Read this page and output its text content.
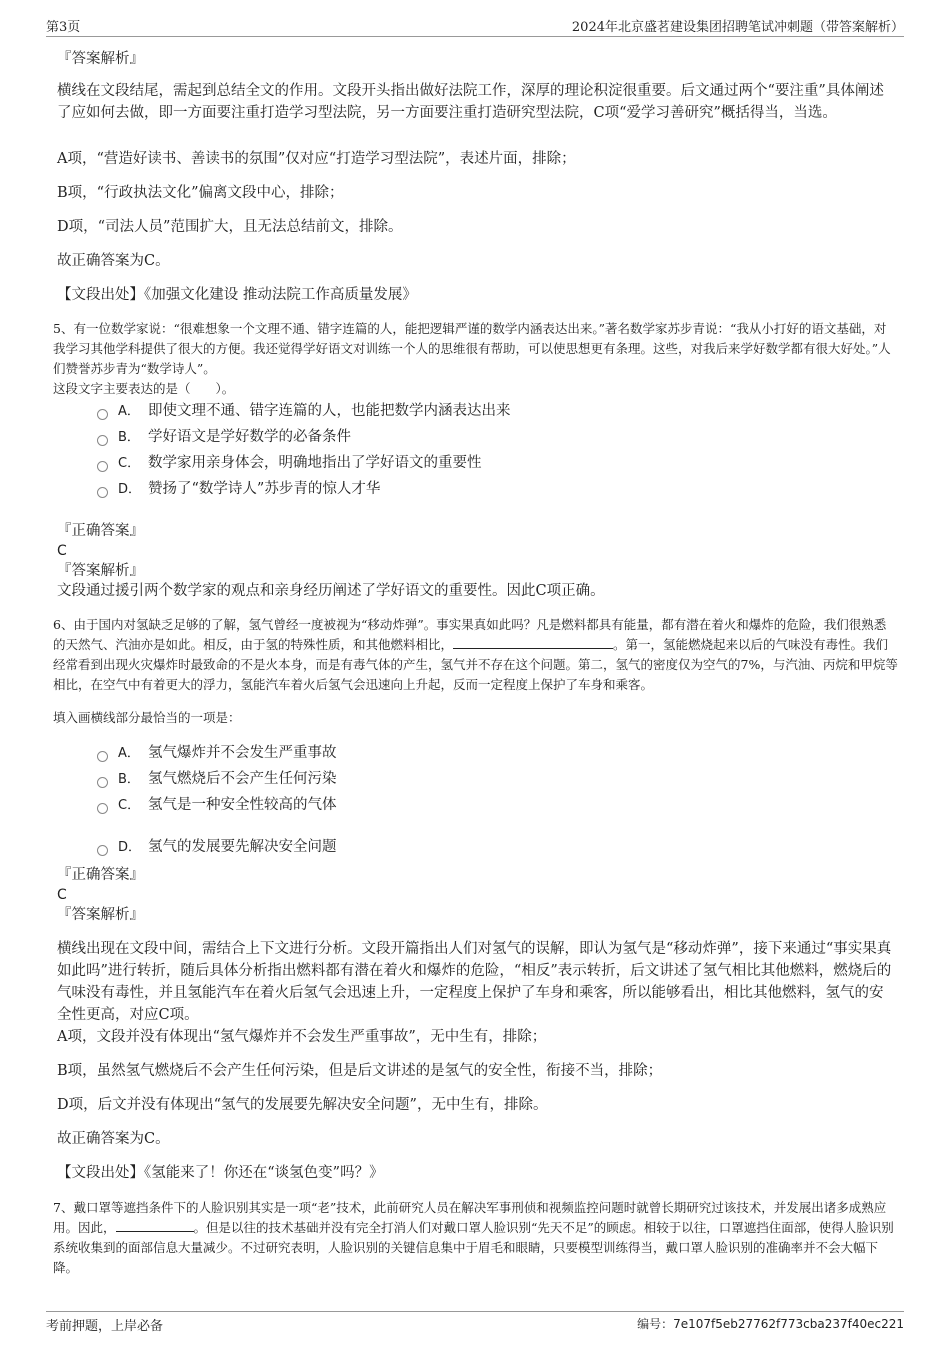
第3页	2024年北京盛茗建设集团招聘笔试冲刺题（带答案解析）
『答案解析』
横线在文段结尾，需起到总结全文的作用。文段开头指出做好法院工作，深厚的理论积淀很重要。后文通过两个“要注重”具体阐述了应如何去做，即一方面要注重打造学习型法院，另一方面要注重打造研究型法院，C项“爱学习善研究”概括得当，当选。
A项，“营造好读书、善读书的氛围”仅对应“打造学习型法院”，表述片面，排除；
B项，“行政执法文化”偏离文段中心，排除；
D项，“司法人员”范围扩大，且无法总结前文，排除。
故正确答案为C。
【文段出处】《加强文化建设 推动法院工作高质量发展》
5、有一位数学家说：“很难想象一个文理不通、错字连篇的人，能把逻辑严谨的数学内涵表达出来。”著名数学家苏步青说：“我从小打好的语文基础，对我学习其他学科提供了很大的方便。我还觉得学好语文对训练一个人的思维很有帮助，可以使思想更有条理。这些，对我后来学好数学都有很大好处。”人们赞誉苏步青为“数学诗人”。
这段文字主要表达的是（　　）。
A． 即使文理不通、错字连篇的人，也能把数学内涵表达出来
B． 学好语文是学好数学的必备条件
C． 数学家用亲身体会，明确地指出了学好语文的重要性
D． 赞扬了“数学诗人”苏步青的惊人才华
『正确答案』
C
『答案解析』
文段通过援引两个数学家的观点和亲身经历阐述了学好语文的重要性。因此C项正确。
6、由于国内对氢缺乏足够的了解，氢气曾经一度被视为“移动炸弹”。事实果真如此吗？凡是燃料都具有能量，都有潜在着火和爆炸的危险，我们很熟悉的天然气、汽油亦是如此。相反，由于氢的特殊性质，和其他燃料相比，	。第一，氢能燃烧起来以后的气味没有毒性。我们经常看到出现火灾爆炸时最致命的不是火本身，而是有毒气体的产生，氢气并不存在这个问题。第二，氢气的密度仅为空气的7%，与汽油、丙烷和甲烷等相比，在空气中有着更大的浮力，氢能汽车着火后氢气会迅速向上升起，反而一定程度上保护了车身和乘客。
填入画横线部分最恰当的一项是：
A． 氢气爆炸并不会发生严重事故
B． 氢气燃烧后不会产生任何污染
C． 氢气是一种安全性较高的气体
D． 氢气的发展要先解决安全问题
『正确答案』
C
『答案解析』
横线出现在文段中间，需结合上下文进行分析。文段开篇指出人们对氢气的误解，即认为氢气是“移动炸弹”，接下来通过“事实果真如此吗”进行转折，随后具体分析指出燃料都有潜在着火和爆炸的危险，“相反”表示转折，后文讲述了氢气相比其他燃料，燃烧后的气味没有毒性，并且氢能汽车在着火后氢气会迅速上升，一定程度上保护了车身和乘客，所以能够看出，相比其他燃料，氢气的安全性更高，对应C项。
A项，文段并没有体现出“氢气爆炸并不会发生严重事故”，无中生有，排除；
B项，虽然氢气燃烧后不会产生任何污染，但是后文讲述的是氢气的安全性，衔接不当，排除；
D项，后文并没有体现出“氢气的发展要先解决安全问题”，无中生有，排除。
故正确答案为C。
【文段出处】《氢能来了！你还在“谈氢色变”吗？》
7、戴口罩等遮挡条件下的人脸识别其实是一项“老”技术，此前研究人员在解决军事刑侦和视频监控问题时就曾长期研究过该技术，并发展出诸多成熟应用。因此，	。但是以往的技术基础并没有完全打消人们对戴口罩人脸识别“先天不足”的顾虑。相较于以往，口罩遮挡住面部，使得人脸识别系统收集到的面部信息大量减少。不过研究表明，人脸识别的关键信息集中于眉毛和眼睛，只要模型训练得当，戴口罩人脸识别的准确率并不会大幅下降。
考前押题，上岸必备	编号：7e107f5eb27762f773cba237f40ec221
